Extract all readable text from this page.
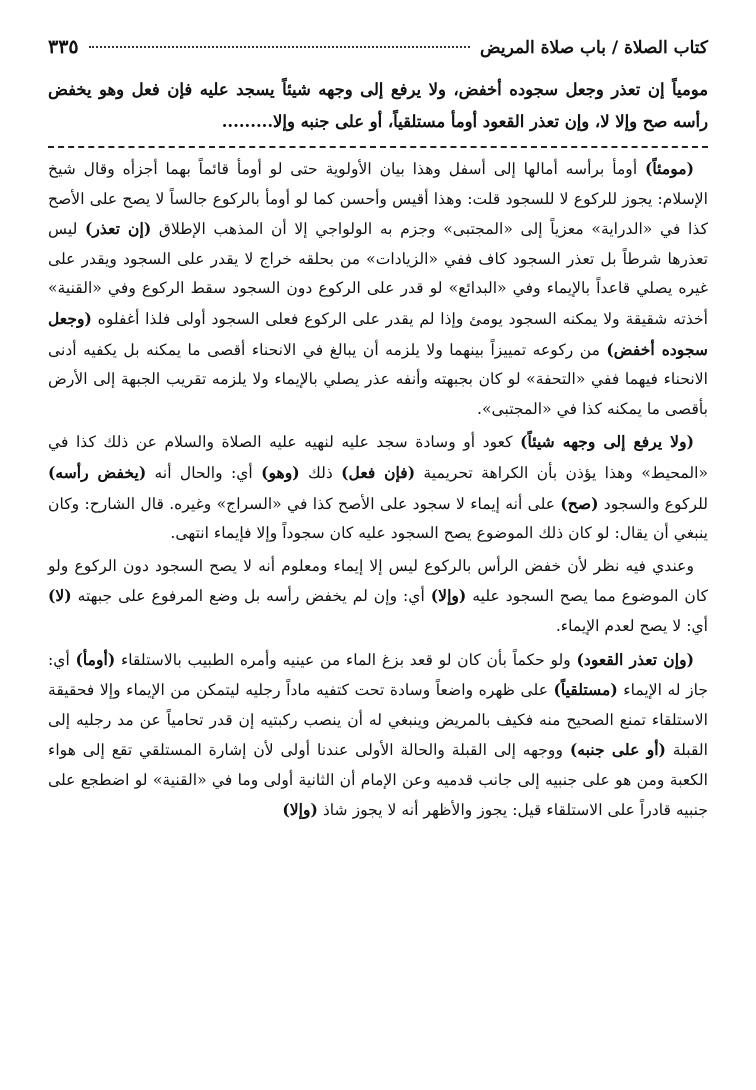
كتاب الصلاة / باب صلاة المريض
٣٣٥
مومياً إن تعذر وجعل سجوده أخفض، ولا يرفع إلى وجهه شيئاً يسجد عليه فإن فعل وهو يخفض رأسه صح وإلا لا، وإن تعذر القعود أومأ مستلقياً، أو على جنبه وإلا.........

(مومئاً) أومأ برأسه أمالها إلى أسفل وهذا بيان الأولوية حتى لو أومأ قائماً بهما أجزأه وقال شيخ الإسلام: يجوز للركوع لا للسجود قلت: وهذا أقيس وأحسن كما لو أومأ بالركوع جالساً لا يصح على الأصح كذا في «الدراية» معزياً إلى «المجتبى» وجزم به الولواجي إلا أن المذهب الإطلاق (إن تعذر) ليس تعذرها شرطاً بل تعذر السجود كاف ففي «الزيادات» من بحلقه خراج لا يقدر على السجود ويقدر على غيره يصلي قاعداً بالإيماء وفي «البدائع» لو قدر على الركوع دون السجود سقط الركوع وفي «القنية» أخذته شقيقة ولا يمكنه السجود يومئ وإذا لم يقدر على الركوع فعلى السجود أولى فلذا أغفلوه (وجعل سجوده أخفض) من ركوعه تمييزاً بينهما ولا يلزمه أن يبالغ في الانحناء أقصى ما يمكنه بل يكفيه أدنى الانحناء فيهما ففي «التحفة» لو كان بجبهته وأنفه عذر يصلي بالإيماء ولا يلزمه تقريب الجبهة إلى الأرض بأقصى ما يمكنه كذا في «المجتبى».

(ولا يرفع إلى وجهه شيئاً) كعود أو وسادة سجد عليه لنهيه عليه الصلاة والسلام عن ذلك كذا في «المحيط» وهذا يؤذن بأن الكراهة تحريمية (فإن فعل) ذلك (وهو) أي: والحال أنه (يخفض رأسه) للركوع والسجود (صح) على أنه إيماء لا سجود على الأصح كذا في «السراج» وغيره. قال الشارح: وكان ينبغي أن يقال: لو كان ذلك الموضوع يصح السجود عليه كان سجوداً وإلا فإيماء انتهى.

وعندي فيه نظر لأن خفض الرأس بالركوع ليس إلا إيماء ومعلوم أنه لا يصح السجود دون الركوع ولو كان الموضوع مما يصح السجود عليه (وإلا) أي: وإن لم يخفض رأسه بل وضع المرفوع على جبهته (لا) أي: لا يصح لعدم الإيماء.

(وإن تعذر القعود) ولو حكماً بأن كان لو قعد بزغ الماء من عينيه وأمره الطبيب بالاستلقاء (أومأ) أي: جاز له الإيماء (مستلقياً) على ظهره واضعاً وسادة تحت كتفيه ماداً رجليه ليتمكن من الإيماء وإلا فحقيقة الاستلقاء تمنع الصحيح منه فكيف بالمريض وينبغي له أن ينصب ركبتيه إن قدر تحامياً عن مد رجليه إلى القبلة (أو على جنبه) ووجهه إلى القبلة والحالة الأولى عندنا أولى لأن إشارة المستلقي تقع إلى هواء الكعبة ومن هو على جنبيه إلى جانب قدميه وعن الإمام أن الثانية أولى وما في «القنية» لو اضطجع على جنبيه قادراً على الاستلقاء قيل: يجوز والأظهر أنه لا يجوز شاذ (وإلا)
